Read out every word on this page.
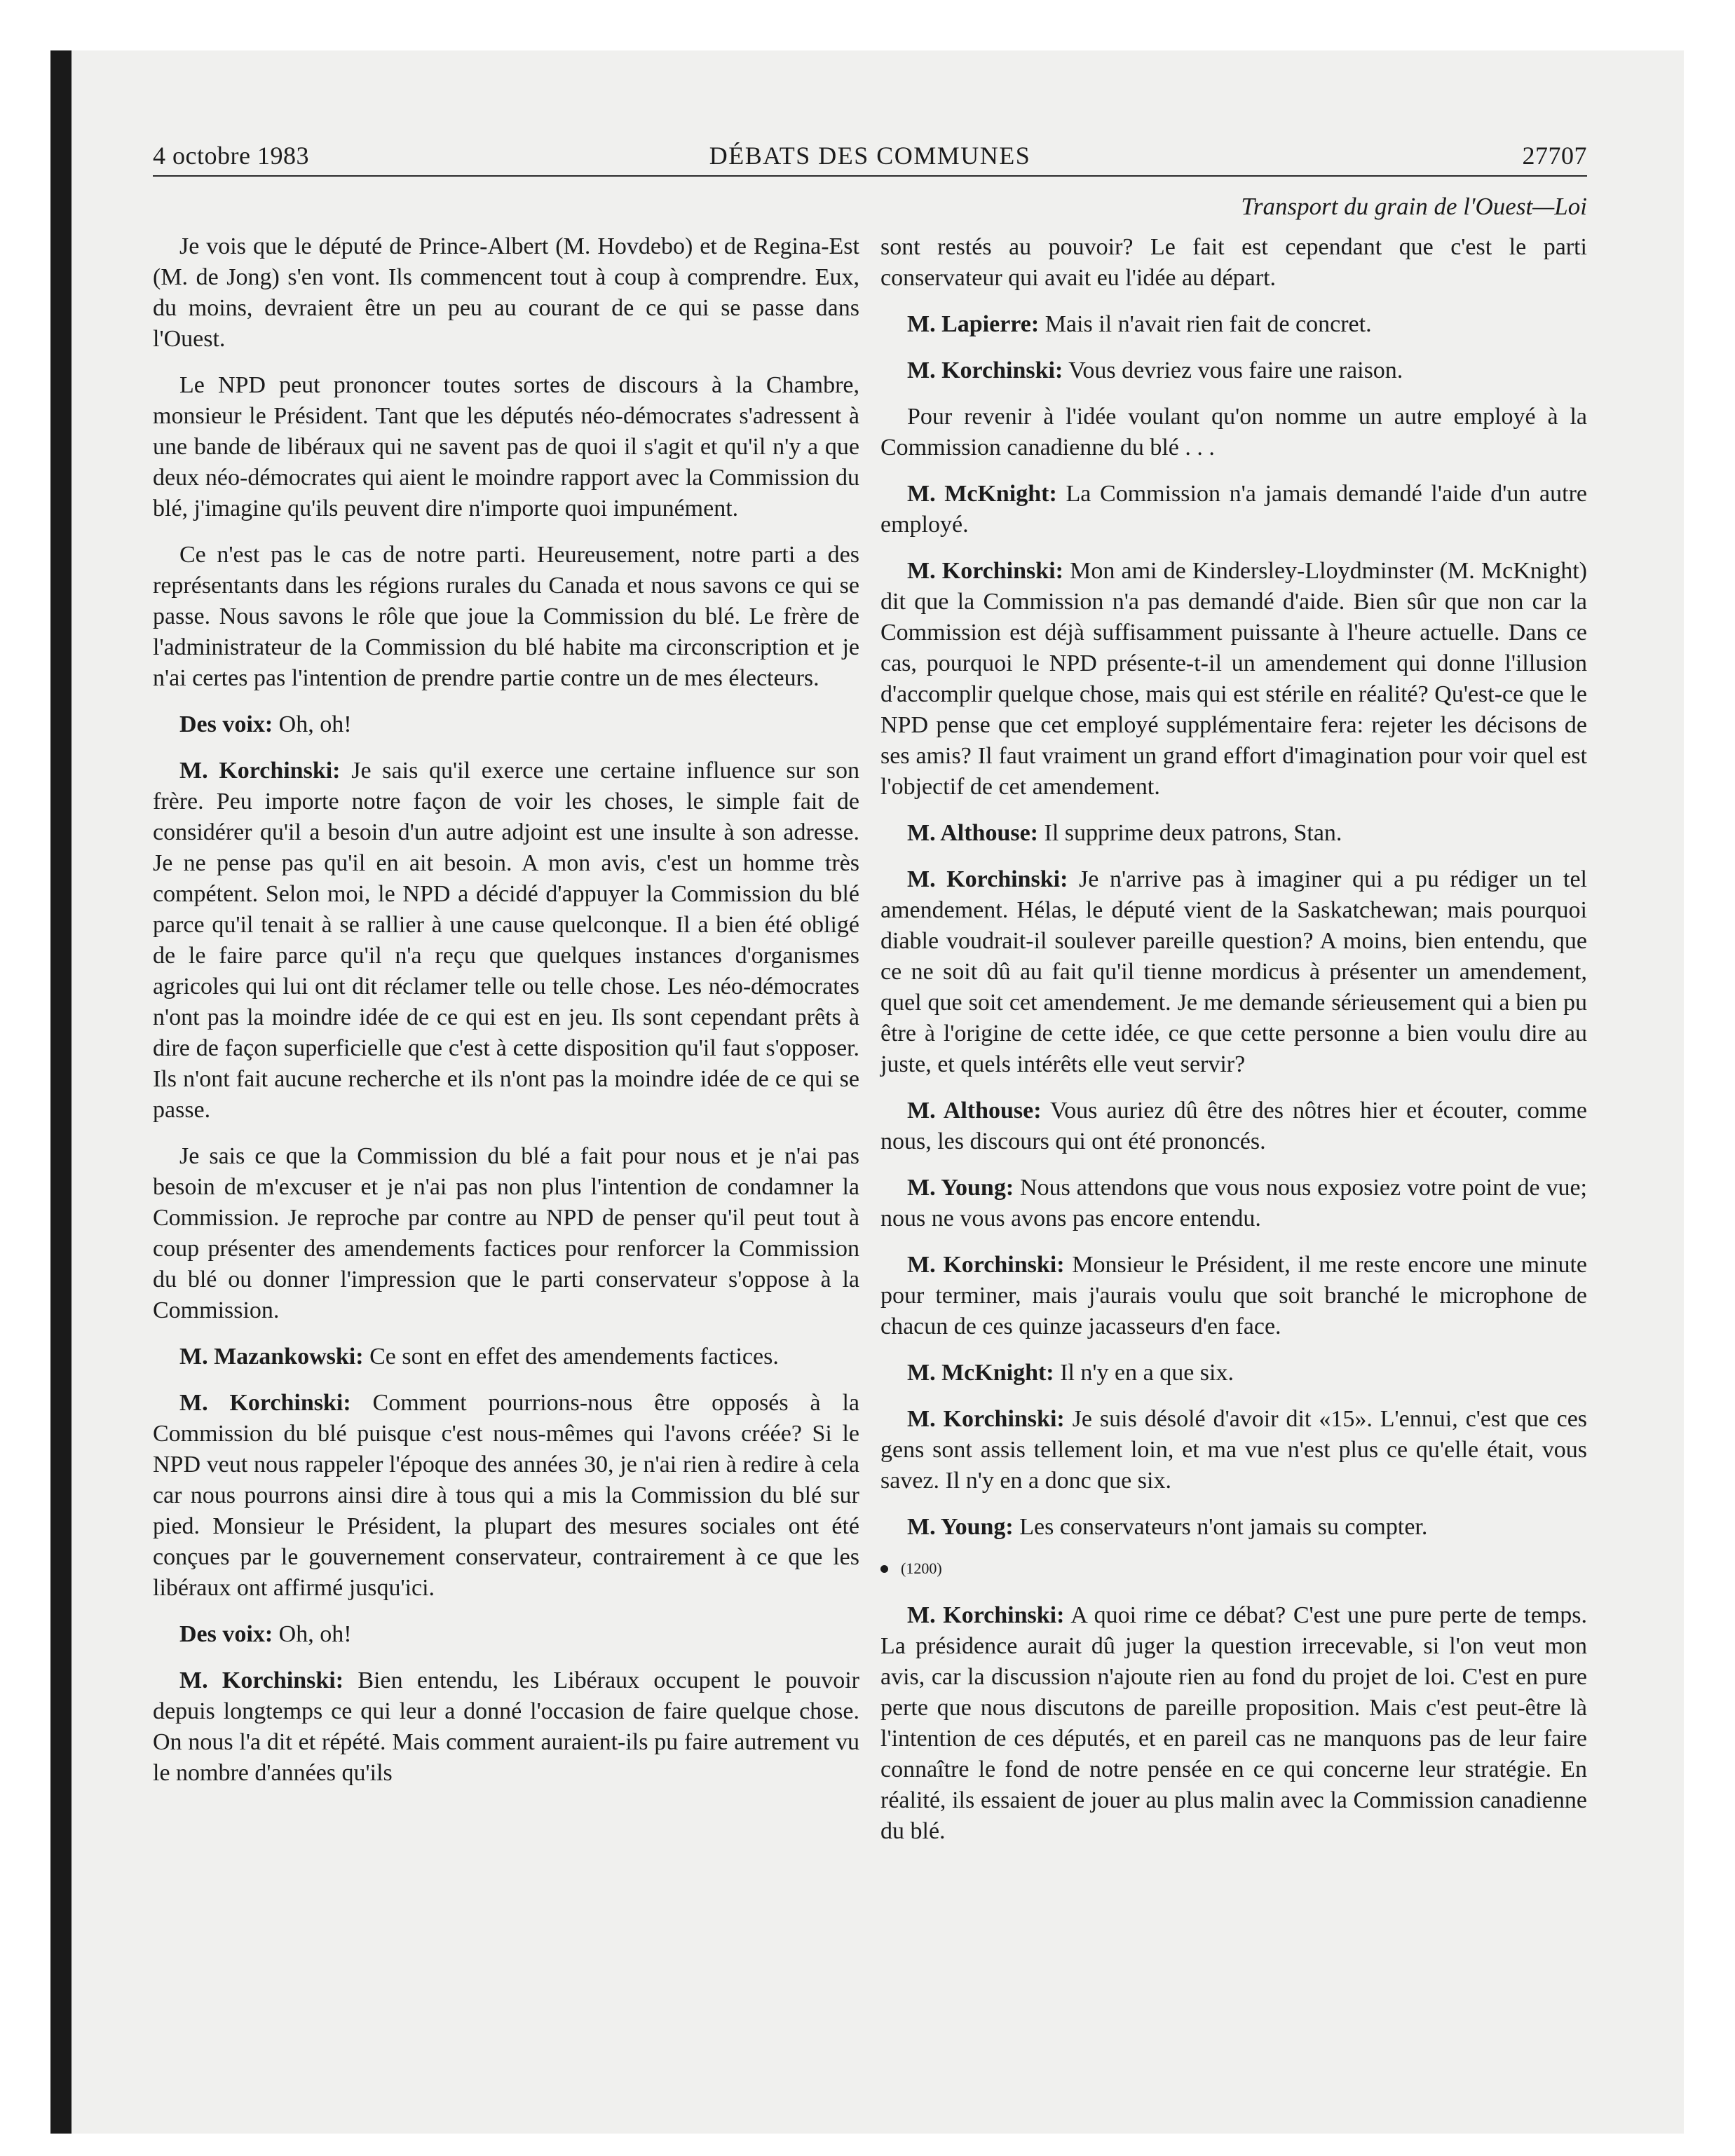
4 octobre 1983	DÉBATS DES COMMUNES	27707
Transport du grain de l'Ouest—Loi

Je vois que le député de Prince-Albert (M. Hovdebo) et de Regina-Est (M. de Jong) s'en vont. Ils commencent tout à coup à comprendre. Eux, du moins, devraient être un peu au courant de ce qui se passe dans l'Ouest.

Le NPD peut prononcer toutes sortes de discours à la Chambre, monsieur le Président. Tant que les députés néo-démocrates s'adressent à une bande de libéraux qui ne savent pas de quoi il s'agit et qu'il n'y a que deux néo-démocrates qui aient le moindre rapport avec la Commission du blé, j'imagine qu'ils peuvent dire n'importe quoi impunément.

Ce n'est pas le cas de notre parti. Heureusement, notre parti a des représentants dans les régions rurales du Canada et nous savons ce qui se passe. Nous savons le rôle que joue la Commission du blé. Le frère de l'administrateur de la Commission du blé habite ma circonscription et je n'ai certes pas l'intention de prendre partie contre un de mes électeurs.

Des voix: Oh, oh!

M. Korchinski: Je sais qu'il exerce une certaine influence sur son frère. Peu importe notre façon de voir les choses, le simple fait de considérer qu'il a besoin d'un autre adjoint est une insulte à son adresse. Je ne pense pas qu'il en ait besoin. A mon avis, c'est un homme très compétent. Selon moi, le NPD a décidé d'appuyer la Commission du blé parce qu'il tenait à se rallier à une cause quelconque. Il a bien été obligé de le faire parce qu'il n'a reçu que quelques instances d'organismes agricoles qui lui ont dit réclamer telle ou telle chose. Les néo-démocrates n'ont pas la moindre idée de ce qui est en jeu. Ils sont cependant prêts à dire de façon superficielle que c'est à cette disposition qu'il faut s'opposer. Ils n'ont fait aucune recherche et ils n'ont pas la moindre idée de ce qui se passe.

Je sais ce que la Commission du blé a fait pour nous et je n'ai pas besoin de m'excuser et je n'ai pas non plus l'intention de condamner la Commission. Je reproche par contre au NPD de penser qu'il peut tout à coup présenter des amendements factices pour renforcer la Commission du blé ou donner l'impression que le parti conservateur s'oppose à la Commission.

M. Mazankowski: Ce sont en effet des amendements factices.

M. Korchinski: Comment pourrions-nous être opposés à la Commission du blé puisque c'est nous-mêmes qui l'avons créée? Si le NPD veut nous rappeler l'époque des années 30, je n'ai rien à redire à cela car nous pourrons ainsi dire à tous qui a mis la Commission du blé sur pied. Monsieur le Président, la plupart des mesures sociales ont été conçues par le gouvernement conservateur, contrairement à ce que les libéraux ont affirmé jusqu'ici.

Des voix: Oh, oh!

M. Korchinski: Bien entendu, les Libéraux occupent le pouvoir depuis longtemps ce qui leur a donné l'occasion de faire quelque chose. On nous l'a dit et répété. Mais comment auraient-ils pu faire autrement vu le nombre d'années qu'ils

sont restés au pouvoir? Le fait est cependant que c'est le parti conservateur qui avait eu l'idée au départ.

M. Lapierre: Mais il n'avait rien fait de concret.

M. Korchinski: Vous devriez vous faire une raison.

Pour revenir à l'idée voulant qu'on nomme un autre employé à la Commission canadienne du blé . . .

M. McKnight: La Commission n'a jamais demandé l'aide d'un autre employé.

M. Korchinski: Mon ami de Kindersley-Lloydminster (M. McKnight) dit que la Commission n'a pas demandé d'aide. Bien sûr que non car la Commission est déjà suffisamment puissante à l'heure actuelle. Dans ce cas, pourquoi le NPD présente-t-il un amendement qui donne l'illusion d'accomplir quelque chose, mais qui est stérile en réalité? Qu'est-ce que le NPD pense que cet employé supplémentaire fera: rejeter les décisons de ses amis? Il faut vraiment un grand effort d'imagination pour voir quel est l'objectif de cet amendement.

M. Althouse: Il supprime deux patrons, Stan.

M. Korchinski: Je n'arrive pas à imaginer qui a pu rédiger un tel amendement. Hélas, le député vient de la Saskatchewan; mais pourquoi diable voudrait-il soulever pareille question? A moins, bien entendu, que ce ne soit dû au fait qu'il tienne mordicus à présenter un amendement, quel que soit cet amendement. Je me demande sérieusement qui a bien pu être à l'origine de cette idée, ce que cette personne a bien voulu dire au juste, et quels intérêts elle veut servir?

M. Althouse: Vous auriez dû être des nôtres hier et écouter, comme nous, les discours qui ont été prononcés.

M. Young: Nous attendons que vous nous exposiez votre point de vue; nous ne vous avons pas encore entendu.

M. Korchinski: Monsieur le Président, il me reste encore une minute pour terminer, mais j'aurais voulu que soit branché le microphone de chacun de ces quinze jacasseurs d'en face.

M. McKnight: Il n'y en a que six.

M. Korchinski: Je suis désolé d'avoir dit «15». L'ennui, c'est que ces gens sont assis tellement loin, et ma vue n'est plus ce qu'elle était, vous savez. Il n'y en a donc que six.

M. Young: Les conservateurs n'ont jamais su compter.

(1200)

M. Korchinski: A quoi rime ce débat? C'est une pure perte de temps. La présidence aurait dû juger la question irrecevable, si l'on veut mon avis, car la discussion n'ajoute rien au fond du projet de loi. C'est en pure perte que nous discutons de pareille proposition. Mais c'est peut-être là l'intention de ces députés, et en pareil cas ne manquons pas de leur faire connaître le fond de notre pensée en ce qui concerne leur stratégie. En réalité, ils essaient de jouer au plus malin avec la Commission canadienne du blé.
